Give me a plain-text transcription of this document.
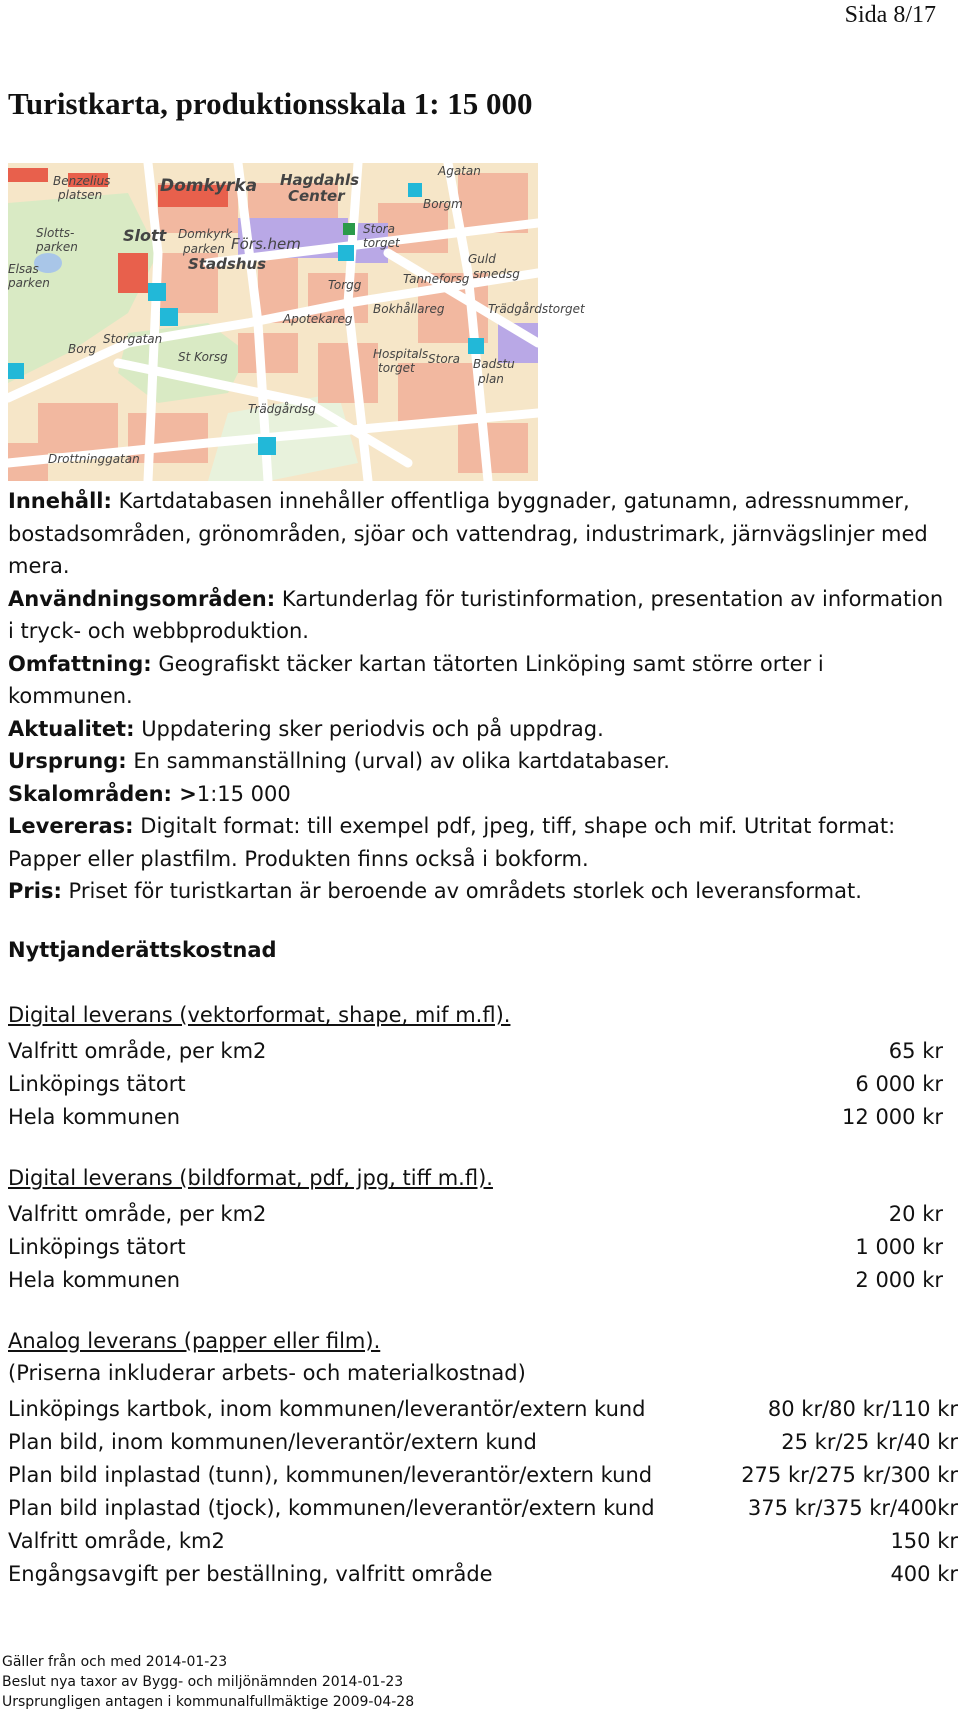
Sida 8/17
Turistkarta, produktionsskala 1: 15 000
Benzelius
platsen	Domkyrka Hagdahls
Center
Agatan
Borgm
Slotts-
parken
Slott Domkyrk
parken Förs.hem
Stora
torget
Guld
smedsg
Stadshus
Tanneforsg
Torgg
Apotekareg
Bokhållareg	Trädgårdstorget
Storgatan
St Korsg	Hospitals
torget
Stora Badstu
plan
Trädgårdsg
Drottninggatan
Elsas
parken
Borg

Innehåll: Kartdatabasen innehåller offentliga byggnader, gatunamn, adressnummer, bostadsområden, grönområden, sjöar och vattendrag, industrimark, järnvägslinjer med mera.

Användningsområden: Kartunderlag för turistinformation, presentation av information i tryck- och webbproduktion.

Omfattning: Geografiskt täcker kartan tätorten Linköping samt större orter i kommunen.

Aktualitet: Uppdatering sker periodvis och på uppdrag.

Ursprung: En sammanställning (urval) av olika kartdatabaser.

Skalområden: >1:15 000

Levereras: Digitalt format: till exempel pdf, jpeg, tiff, shape och mif. Utritat format: Papper eller plastfilm. Produkten finns också i bokform.

Pris: Priset för turistkartan är beroende av områdets storlek och leveransformat.

Nyttjanderättskostnad
Digital leverans (vektorformat, shape, mif m.fl).
Valfritt område, per km2	65 kr
Linköpings tätort	6 000 kr
Hela kommunen	12 000 kr
Digital leverans (bildformat, pdf, jpg, tiff m.fl).
Valfritt område, per km2	20 kr
Linköpings tätort	1 000 kr
Hela kommunen	2 000 kr
Analog leverans (papper eller film).
(Priserna inkluderar arbets- och materialkostnad)
Linköpings kartbok, inom kommunen/leverantör/extern kund	80 kr/80 kr/110 kr
Plan bild, inom kommunen/leverantör/extern kund	25 kr/25 kr/40 kr
Plan bild inplastad (tunn), kommunen/leverantör/extern kund	275 kr/275 kr/300 kr
Plan bild inplastad (tjock), kommunen/leverantör/extern kund	375 kr/375 kr/400kr
Valfritt område, km2	150 kr
Engångsavgift per beställning, valfritt område	400 kr
Gäller från och med 2014-01-23
Beslut nya taxor av Bygg- och miljönämnden 2014-01-23
Ursprungligen antagen i kommunalfullmäktige 2009-04-28
